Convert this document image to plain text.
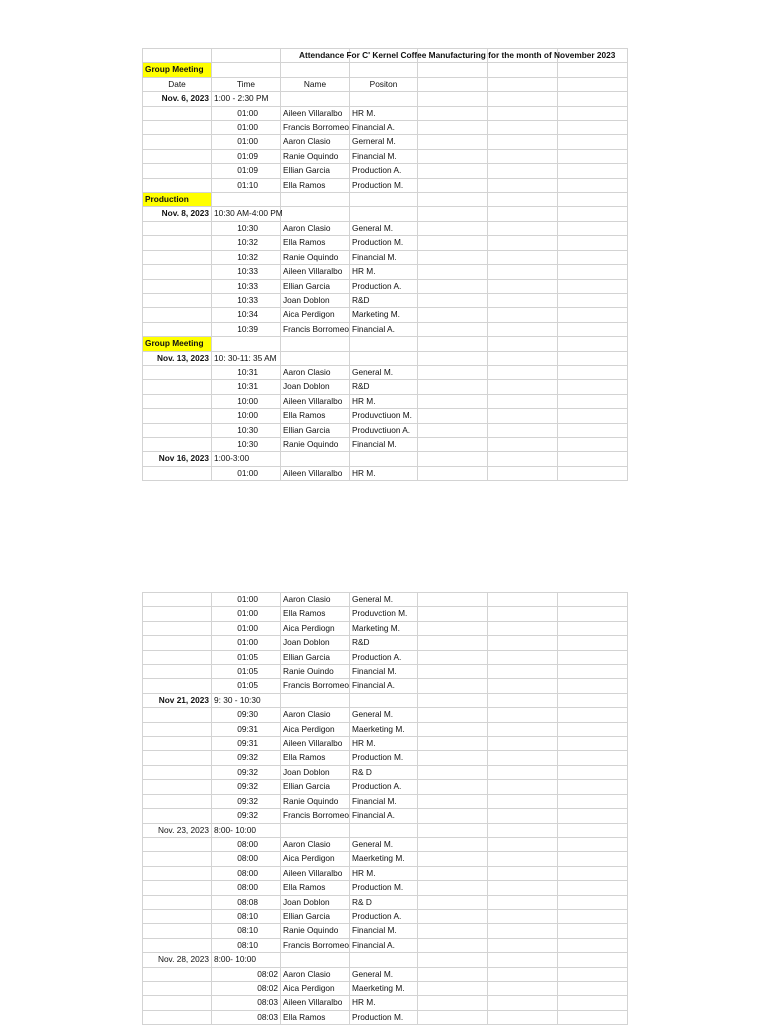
		Attendance For C' Kernel Coffee Manufacturing for the month of November 2023				
Group Meeting						
Date	Time	Name	Positon			
Nov. 6, 2023	1:00 - 2:30 PM					
	01:00	Aileen Villaralbo	HR M.			
	01:00	Francis Borromeo	Financial A.			
	01:00	Aaron Clasio	Gerneral M.			
	01:09	Ranie Oquindo	Financial M.			
	01:09	Ellian Garcia	Production A.			
	01:10	Ella Ramos	Production M.			
Production						
Nov. 8, 2023	10:30 AM-4:00 PM					
	10:30	Aaron Clasio	General M.			
	10:32	Ella Ramos	Production M.			
	10:32	Ranie Oquindo	Financial M.			
	10:33	Aileen Villaralbo	HR M.			
	10:33	Ellian Garcia	Production A.			
	10:33	Joan Doblon	R&D			
	10:34	Aica Perdigon	Marketing M.			
	10:39	Francis Borromeo	Financial A.			
Group Meeting						
Nov. 13, 2023	10: 30-11: 35 AM					
	10:31	Aaron Clasio	General M.			
	10:31	Joan Doblon	R&D			
	10:00	Aileen Villaralbo	HR M.			
	10:00	Ella Ramos	Produvctiuon M.			
	10:30	Ellian Garcia	Produvctiuon A.			
	10:30	Ranie Oquindo	Financial M.			
Nov 16, 2023	1:00-3:00					
	01:00	Aileen Villaralbo	HR M.			
	01:00	Aaron Clasio	General M.			
	01:00	Ella Ramos	Produvction M.			
	01:00	Aica Perdiogn	Marketing M.			
	01:00	Joan Doblon	R&D			
	01:05	Ellian Garcia	Production A.			
	01:05	Ranie Ouindo	Financial M.			
	01:05	Francis Borromeo	Financial A.			
Nov 21, 2023	9: 30 - 10:30					
	09:30	Aaron Clasio	General M.			
	09:31	Aica Perdigon	Maerketing M.			
	09:31	Aileen Villaralbo	HR M.			
	09:32	Ella Ramos	Production M.			
	09:32	Joan Doblon	R& D			
	09:32	Ellian Garcia	Production A.			
	09:32	Ranie Oquindo	Financial M.			
	09:32	Francis Borromeo	Financial A.			
Nov. 23, 2023	8:00- 10:00					
	08:00	Aaron Clasio	General M.			
	08:00	Aica Perdigon	Maerketing M.			
	08:00	Aileen Villaralbo	HR M.			
	08:00	Ella Ramos	Production M.			
	08:08	Joan Doblon	R& D			
	08:10	Ellian Garcia	Production A.			
	08:10	Ranie Oquindo	Financial M.			
	08:10	Francis Borromeo	Financial A.			
Nov. 28, 2023	8:00- 10:00					
	08:02	Aaron Clasio	General M.			
	08:02	Aica Perdigon	Maerketing M.			
	08:03	Aileen Villaralbo	HR M.			
	08:03	Ella Ramos	Production M.			
